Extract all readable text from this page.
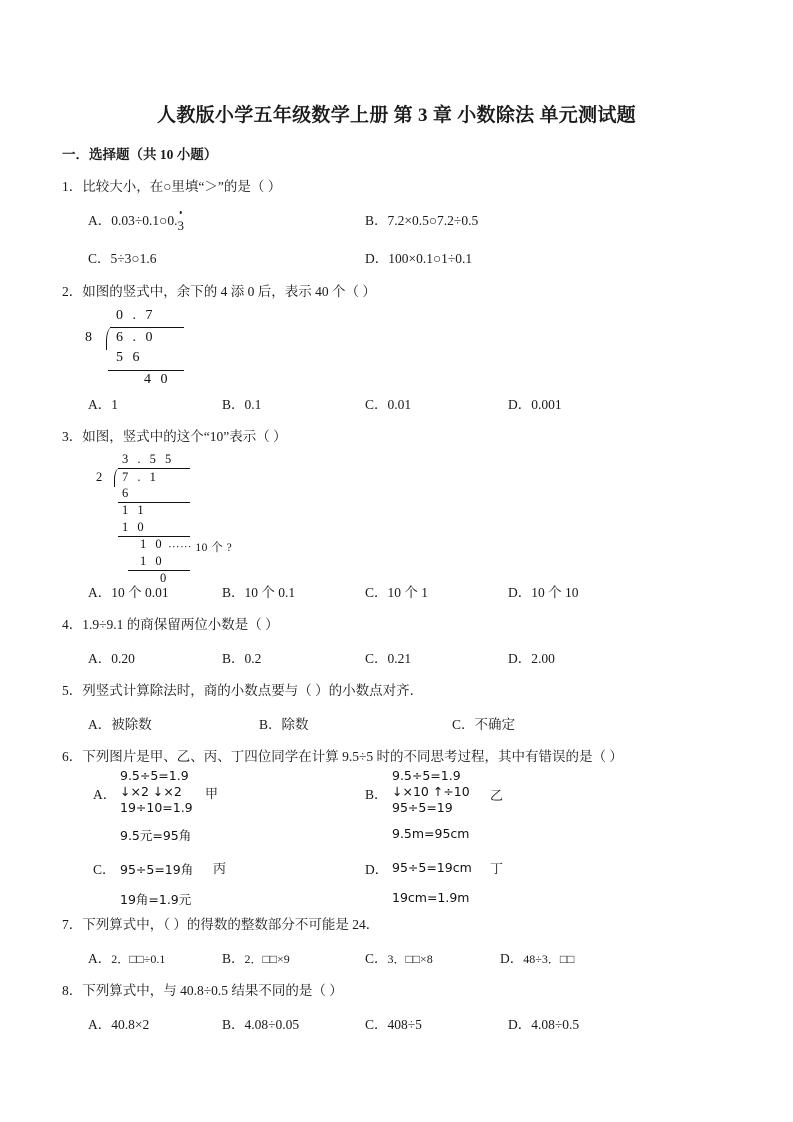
人教版小学五年级数学上册 第 3 章 小数除法 单元测试题
一．选择题（共 10 小题）
1．比较大小，在○里填“＞”的是（ ）
A．0.03÷0.1○0.
3	B．7.2×0.5○7.2÷0.5
C．5÷3○1.6	D．100×0.1○1÷0.1
2．如图的竖式中，余下的 4 添 0 后，表示 40 个（ ）
0 . 7
8 6 . 0
5 6
4 0
A．1	B．0.1	C．0.01	D．0.001
3．如图，竖式中的这个“10”表示（ ）
3 . 5 5
2 7 . 1
6
1 1
1 0
1 0 ⋯⋯ 10 个 ?
1 0
0
A．10 个 0.01	B．10 个 0.1	C．10 个 1	D．10 个 10
4．1.9÷9.1 的商保留两位小数是（ ）
A．0.20	B．0.2	C．0.21	D．2.00
5．列竖式计算除法时，商的小数点要与（ ）的小数点对齐．
A．被除数	B．除数	C．不确定
6．下列图片是甲、乙、丙、丁四位同学在计算 9.5÷5 时的不同思考过程，其中有错误的是（ ）
A．
9.5÷5=1.9
↓×2 ↓×2 甲
19÷10=1.9
9.5元=95角
B．
9.5÷5=1.9
↓×10 ↑÷10 乙
95÷5=19
9.5m=95cm
C． 95÷5=19角 丙
19角=1.9元
D． 95÷5=19cm 丁
19cm=1.9m
7．下列算式中，（ ）的得数的整数部分不可能是 24．
A．2．□□÷0.1	B．2．□□×9	C．3．□□×8	D．48÷3．□□
8．下列算式中，与 40.8÷0.5 结果不同的是（ ）
A．40.8×2	B．4.08÷0.05	C．408÷5	D．4.08÷0.5
